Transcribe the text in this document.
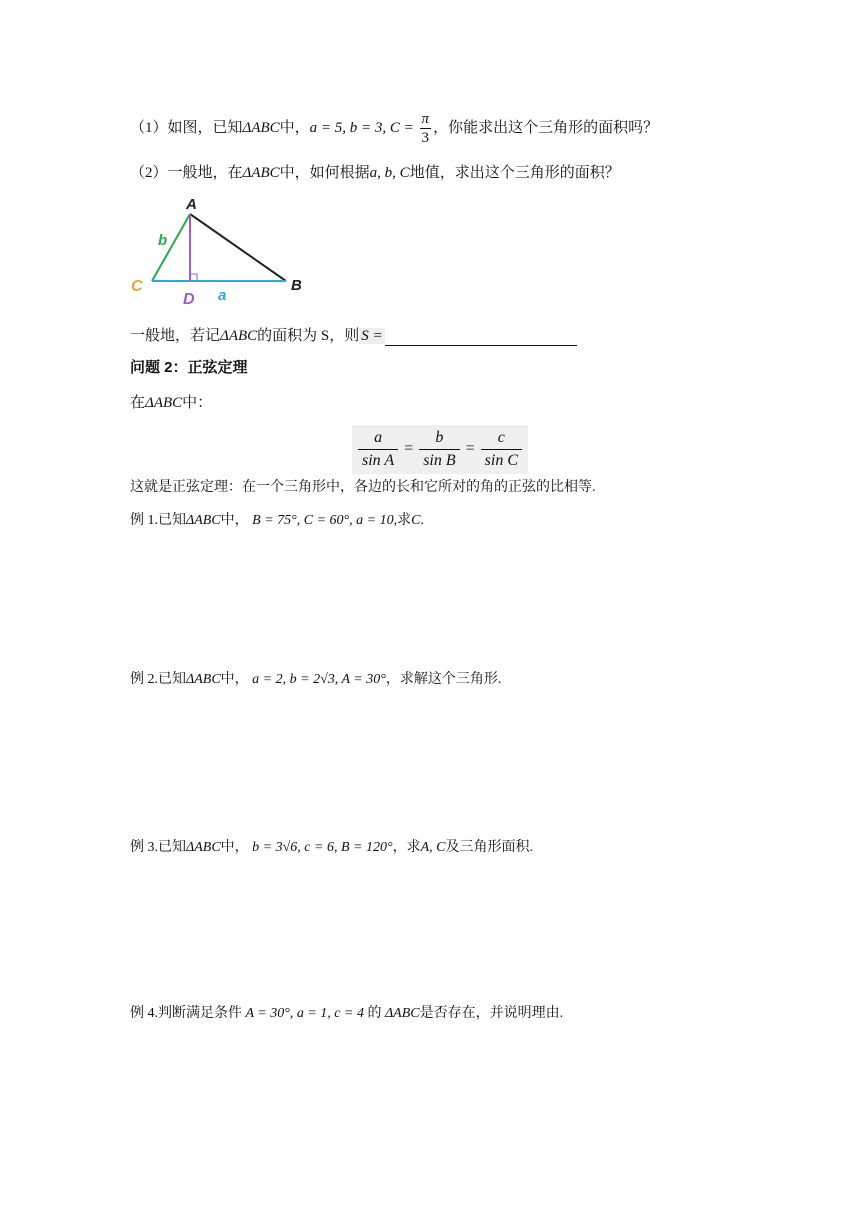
（1）如图，已知ΔABC中，a = 5, b = 3, $C = \frac{\pi}{3}$ ，你能求出这个三角形的面积吗？
（2）一般地，在ΔABC中，如何根据a, b, C地值，求出这个三角形的面积？
A
B
C
D a
b
一般地，若记ΔABC的面积为 S，则 S =
问题 2：正弦定理
在ΔABC中：
$\frac{a}{\text{sin A}} = \frac{b}{\text{sin B}} = \frac{c}{\text{sin C}}$
这就是正弦定理：在一个三角形中，各边的长和它所对的角的正弦的比相等.
例 1.已知ΔABC中， B = 75°, C = 60°, a = 10,求C.
例 2.已知ΔABC中， a = 2, b = 2√3, A = 30°，求解这个三角形.
例 3.已知ΔABC中， b = 3√6, c = 6, B = 120°，求A, C及三角形面积.
例 4.判断满足条件 A = 30°, a = 1, c = 4 的 ΔABC是否存在，并说明理由.
